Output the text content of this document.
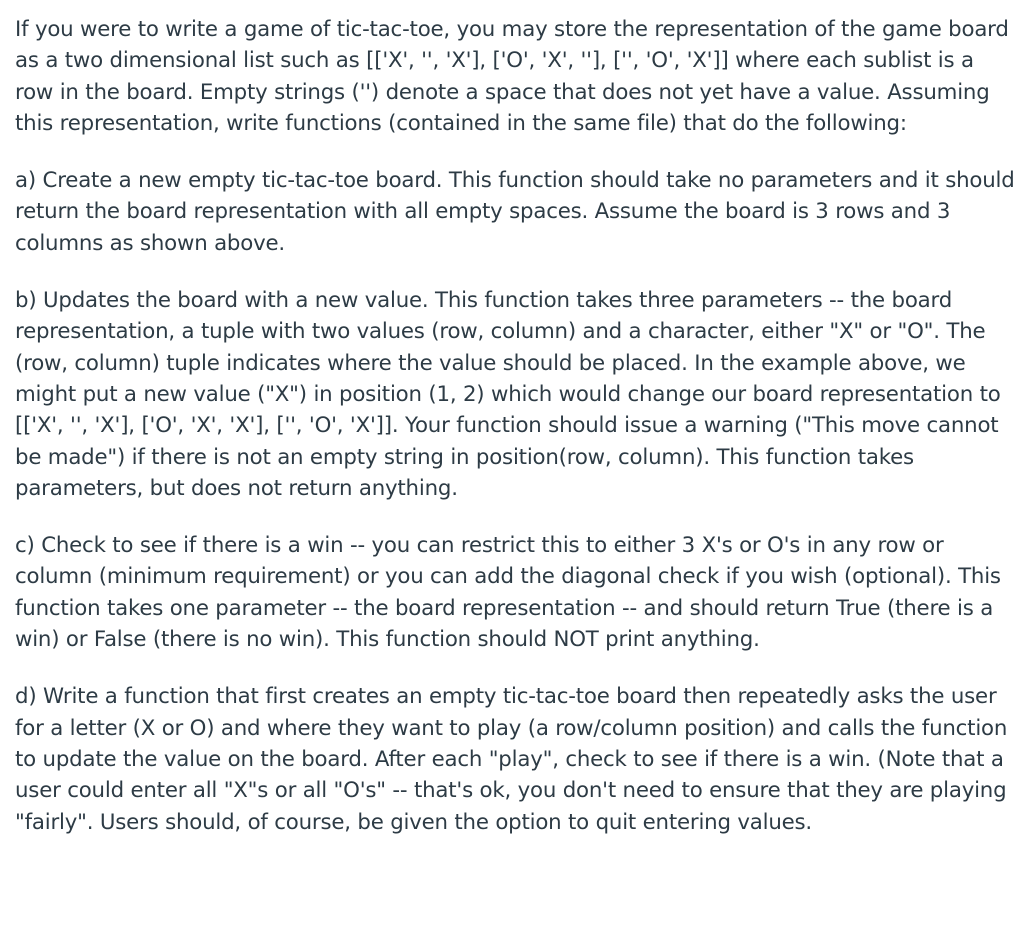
If you were to write a game of tic-tac-toe, you may store the representation of the game board as a two dimensional list such as [['X', '', 'X'], ['O', 'X', ''], ['', 'O', 'X']] where each sublist is a row in the board. Empty strings ('') denote a space that does not yet have a value. Assuming this representation, write functions (contained in the same file) that do the following:

a) Create a new empty tic-tac-toe board. This function should take no parameters and it should return the board representation with all empty spaces. Assume the board is 3 rows and 3 columns as shown above.

b) Updates the board with a new value. This function takes three parameters -- the board representation, a tuple with two values (row, column) and a character, either "X" or "O". The (row, column) tuple indicates where the value should be placed. In the example above, we might put a new value ("X") in position (1, 2) which would change our board representation to [['X', '', 'X'], ['O', 'X', 'X'], ['', 'O', 'X']]. Your function should issue a warning ("This move cannot be made") if there is not an empty string in position(row, column). This function takes parameters, but does not return anything.

c) Check to see if there is a win -- you can restrict this to either 3 X's or O's in any row or column (minimum requirement) or you can add the diagonal check if you wish (optional). This function takes one parameter -- the board representation -- and should return True (there is a win) or False (there is no win). This function should NOT print anything.

d) Write a function that first creates an empty tic-tac-toe board then repeatedly asks the user for a letter (X or O) and where they want to play (a row/column position) and calls the function to update the value on the board. After each "play", check to see if there is a win. (Note that a user could enter all "X"s or all "O's" -- that's ok, you don't need to ensure that they are playing "fairly". Users should, of course, be given the option to quit entering values.
